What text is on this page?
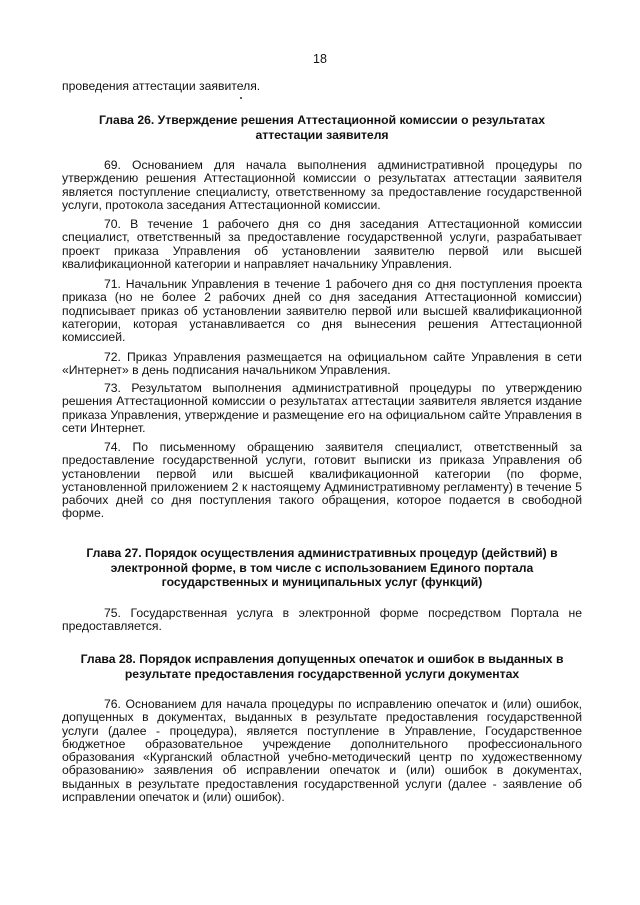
18
проведения аттестации заявителя.
Глава 26. Утверждение решения Аттестационной комиссии о результатах аттестации заявителя
69. Основанием для начала выполнения административной процедуры по утверждению решения Аттестационной комиссии о результатах аттестации заявителя является поступление специалисту, ответственному за предоставление государственной услуги, протокола заседания Аттестационной комиссии.
70. В течение 1 рабочего дня со дня заседания Аттестационной комиссии специалист, ответственный за предоставление государственной услуги, разрабатывает проект приказа Управления об установлении заявителю первой или высшей квалификационной категории и направляет начальнику Управления.
71. Начальник Управления в течение 1 рабочего дня со дня поступления проекта приказа (но не более 2 рабочих дней со дня заседания Аттестационной комиссии) подписывает приказ об установлении заявителю первой или высшей квалификационной категории, которая устанавливается со дня вынесения решения Аттестационной комиссией.
72. Приказ Управления размещается на официальном сайте Управления в сети «Интернет» в день подписания начальником Управления.
73. Результатом выполнения административной процедуры по утверждению решения Аттестационной комиссии о результатах аттестации заявителя является издание приказа Управления, утверждение и размещение его на официальном сайте Управления в сети Интернет.
74. По письменному обращению заявителя специалист, ответственный за предоставление государственной услуги, готовит выписки из приказа Управления об установлении первой или высшей квалификационной категории (по форме, установленной приложением 2 к настоящему Административному регламенту) в течение 5 рабочих дней со дня поступления такого обращения, которое подается в свободной форме.
Глава 27. Порядок осуществления административных процедур (действий) в электронной форме, в том числе с использованием Единого портала государственных и муниципальных услуг (функций)
75. Государственная услуга в электронной форме посредством Портала не предоставляется.
Глава 28. Порядок исправления допущенных опечаток и ошибок в выданных в результате предоставления государственной услуги документах
76. Основанием для начала процедуры по исправлению опечаток и (или) ошибок, допущенных в документах, выданных в результате предоставления государственной услуги (далее - процедура), является поступление в Управление, Государственное бюджетное образовательное учреждение дополнительного профессионального образования «Курганский областной учебно-методический центр по художественному образованию» заявления об исправлении опечаток и (или) ошибок в документах, выданных в результате предоставления государственной услуги (далее - заявление об исправлении опечаток и (или) ошибок).
